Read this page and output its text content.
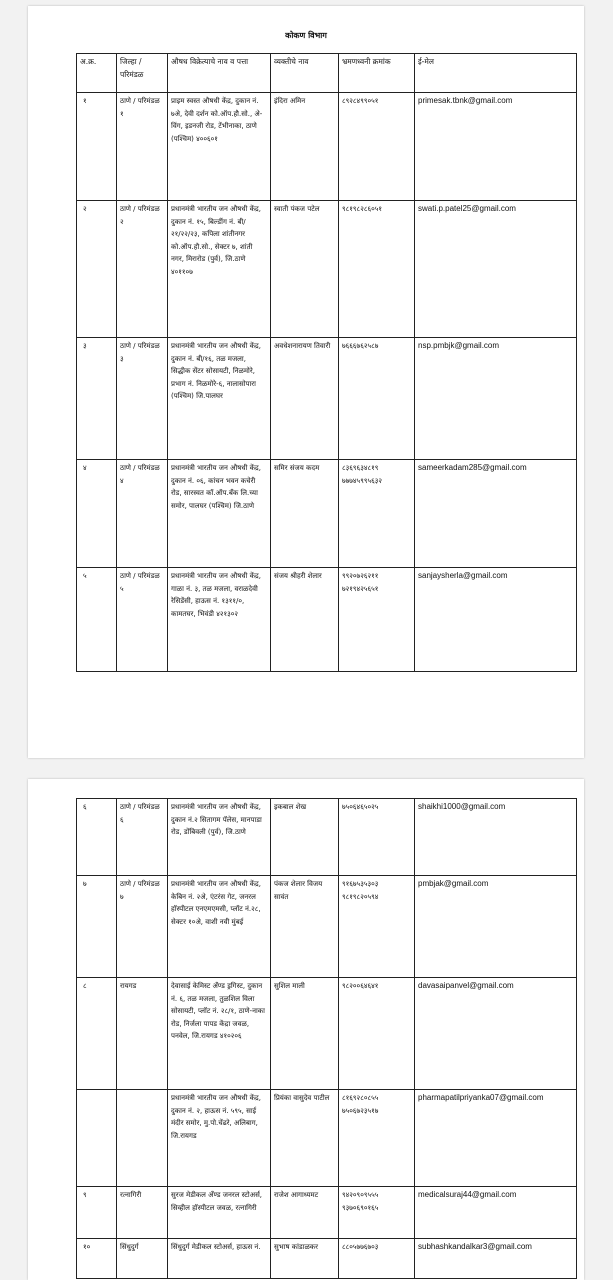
कोकण विभाग
अ.क्र.	जिल्हा / परिमंडळ	औषध विक्रेत्याचे नाव व पत्ता	व्यक्तीचे नाव	भ्रमणध्वनी क्रमांक	ई-मेल
१	ठाणे / परिमंडळ १	प्राइम स्वस्त औषधी केंद्र, दुकान नं. ७अे, देवी दर्शन को.ऑप.हौ.सो., अे-विंग, इडनजी रोड, टेंभीनाका, ठाणे (पश्चिम) ४००६०१	इंदिरा अमिन	८९२८४९९०५१	primesak.tbnk@gmail.com
२	ठाणे / परिमंडळ २	प्रधानमंत्री भारतीय जन औषधी केंद्र, दुकान नं. १५, बिल्डींग नं. बी/२१/२२/२३, कपिला शांतीनगर को.ऑप.हौ.सो., सेक्टर ७, शांती नगर, मिरारोड (पुर्व), जि.ठाणे ४०११०७	स्वाती पंकज पटेल	९८१९८२८६०५१	swati.p.patel25@gmail.com
३	ठाणे / परिमंडळ ३	प्रधानमंत्री भारतीय जन औषधी केंद्र, दुकान नं. बी/१६, तळ मजला, सिद्धीक सेंटर सोसायटी, निळमोरे, प्रभाग नं. निळमोरे-६, नालासोपारा (पश्चिम) जि.पालघर	अवधेशनारायण तिवारी	७६६६७६२५८७	nsp.pmbjk@gmail.com
४	ठाणे / परिमंडळ ४	प्रधानमंत्री भारतीय जन औषधी केंद्र, दुकान नं. ०६, कांचन भवन कचेरी रोड, सारस्वत कॉ.ऑप.बँक लि.च्या समोर, पालघर (पश्चिम) जि.ठाणे	समिर संजय कदम	८३६९६३४८१९ ७७७४५९९५६३२	sameerkadam285@gmail.com
५	ठाणे / परिमंडळ ५	प्रधानमंत्री भारतीय जन औषधी केंद्र, गाळा नं. ३, तळ मजला, वराळदेवी रेसिडेंसी, हाऊस नं. १३११/०, कामतघर, भिवंडी ४२१३०२	संजय श्रीहरी शेलार	९९२०७२६२११ ७२१९४२५६५१	sanjaysherla@gmail.com
६	ठाणे / परिमंडळ ६	प्रधानमंत्री भारतीय जन औषधी केंद्र, दुकान नं.२ सितागम पॅलेस, मानपाडा रोड, डोंबिवली (पुर्व), जि.ठाणे	इकबाल शेख	७५०६४६५०२५	shaikhi1000@gmail.com
७	ठाणे / परिमंडळ ७	प्रधानमंत्री भारतीय जन औषधी केंद्र, केबिन नं. २अे, एंटरंस गेट, जनरल हॉस्पीटल एनएमएमसी, प्लॉट नं.२८, सेक्टर १०अे, वाशी नवी मुंबई	पंकज शेलार विजय सावंत	९१६७५३५३०३ ९८१९८२०५९४	pmbjak@gmail.com
८	रायगड	देवासाई केमिस्ट अँण्ड ड्रगिस्ट, दुकान नं. ६, तळ मजला, तुळशिल विला सोसायटी, प्लॉट नं. २८/१, ठाणे-नाका रोड, निर्जला पापड केंद्रा जवळ, पनवेल, जि.रायगड ४१०२०६	सुशिल माली	९८२००६४६४१	davasaipanvel@gmail.com
		प्रधानमंत्री भारतीय जन औषधी केंद्र, दुकान नं. २, हाऊस नं. ५९५, साई मंदीर समोर, मु.पो.चेंढरे, अलिबाग, जि.रायगड	प्रियंका वासुदेव पाटील	८१६९२८०८५५ ७५०६७२३५१७	pharmapatilpriyanka07@gmail.com
९	रत्नागिरी	सुरज मेडीकल अँण्ड जनरल स्टोअर्स, सिव्हील हॉस्पीटल जवळ, रत्नागिरी	राजेश आगाध्यमट	९४२०९०९५५५ ९३७०६९०१६५	medicalsuraj44@gmail.com
१०	सिंधुदुर्ग	सिंधुदुर्ग मेडीकल स्टोअर्स, हाऊस नं.	सुभाष कांडाळकर	८८०५७७६७०३	subhashkandalkar3@gmail.com
